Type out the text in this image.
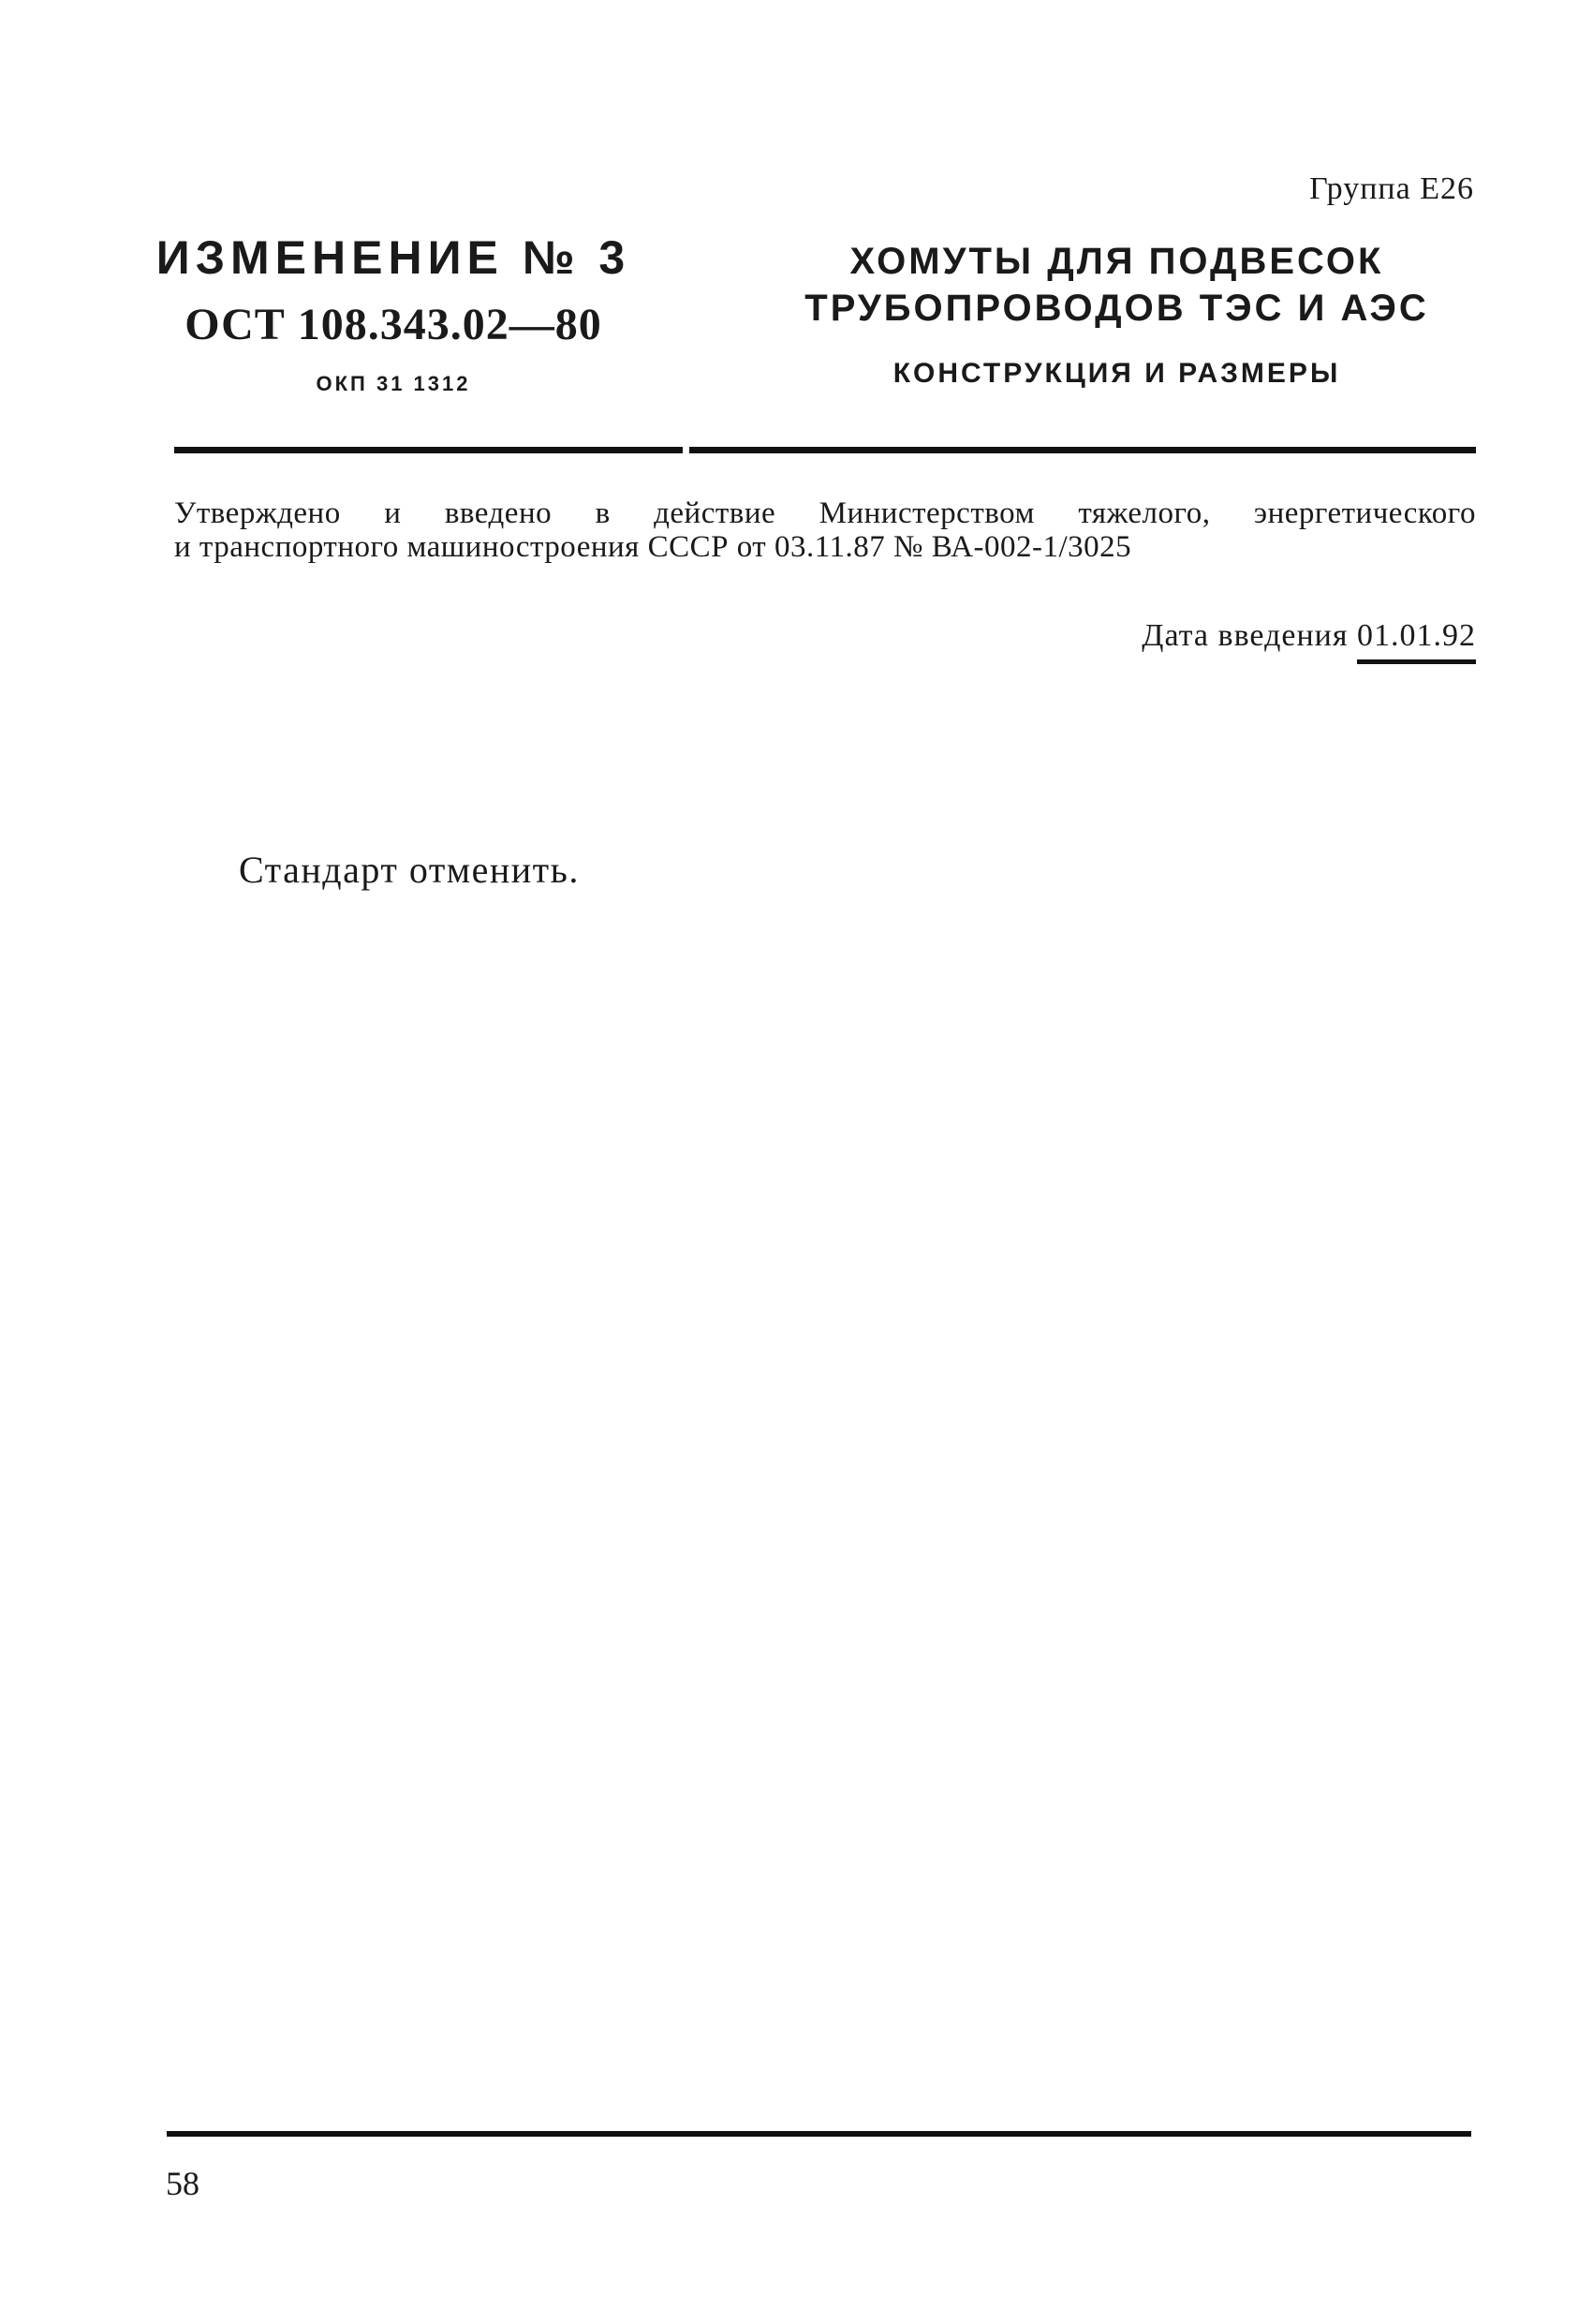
Группа Е26
ИЗМЕНЕНИЕ № 3
ОСТ 108.343.02—80
ОКП 31 1312
ХОМУТЫ ДЛЯ ПОДВЕСОК
ТРУБОПРОВОДОВ ТЭС И АЭС
КОНСТРУКЦИЯ И РАЗМЕРЫ
Утверждено и введено в действие Министерством тяжелого, энергетического
и транспортного машиностроения СССР от 03.11.87 № ВА-002-1/3025
Дата введения 01.01.92
Стандарт отменить.
58
